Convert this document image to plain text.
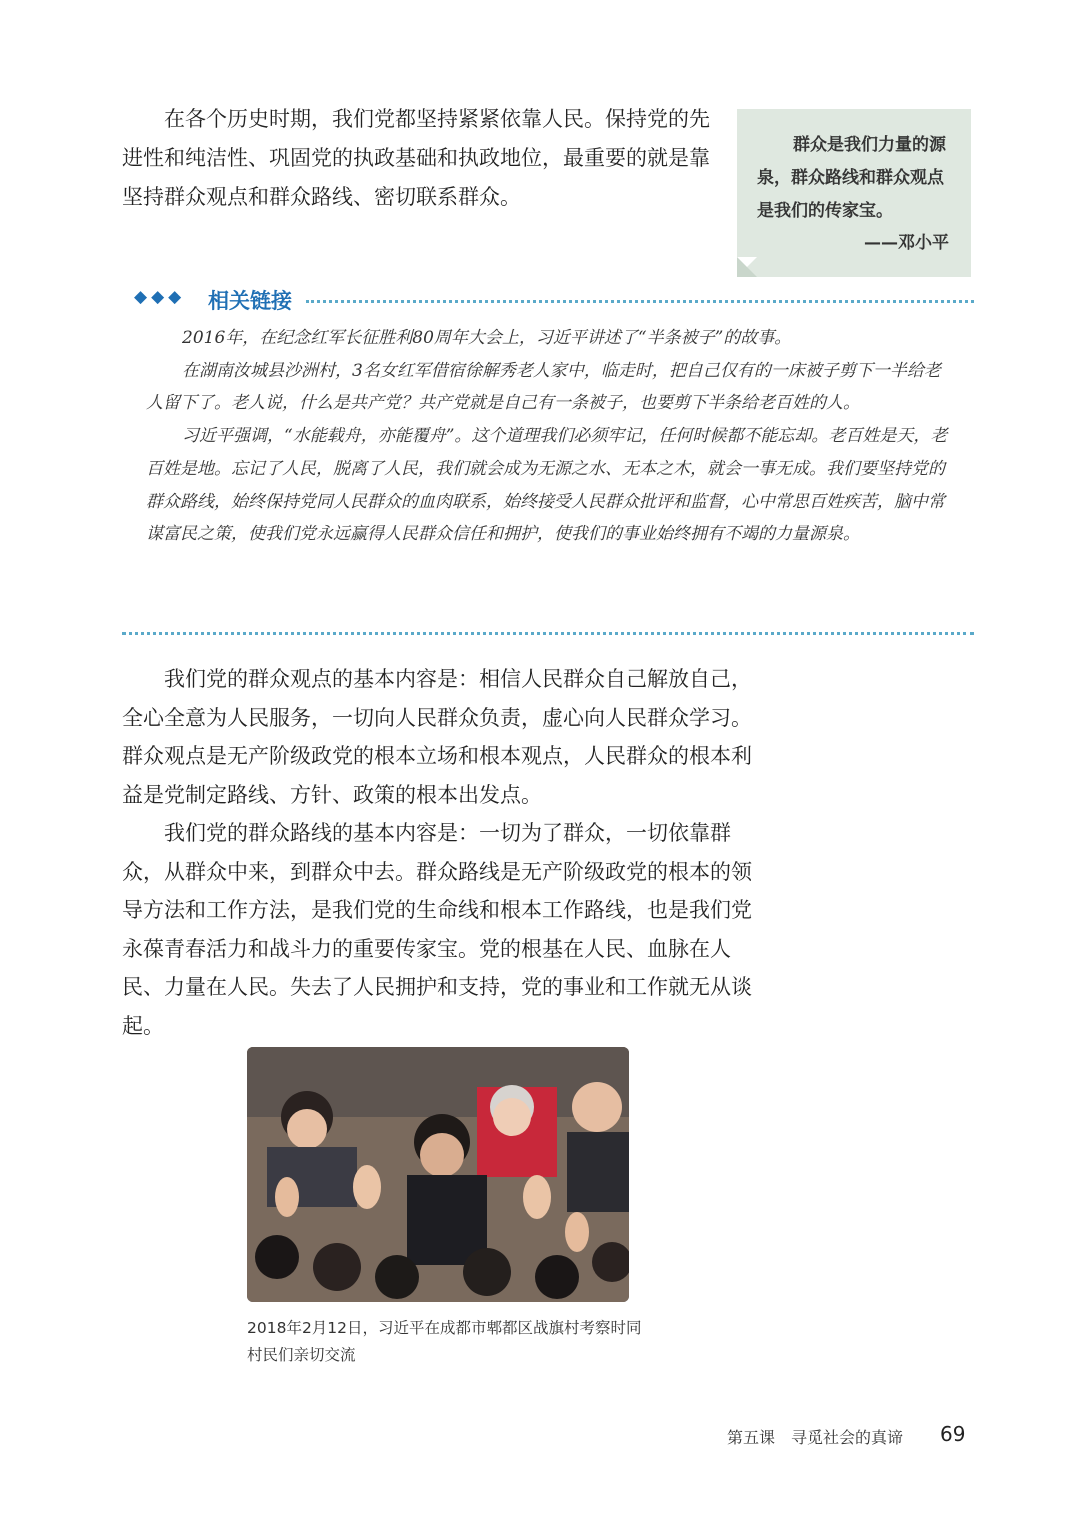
在各个历史时期，我们党都坚持紧紧依靠人民。保持党的先进性和纯洁性、巩固党的执政基础和执政地位，最重要的就是靠坚持群众观点和群众路线、密切联系群众。

群众是我们力量的源泉，群众路线和群众观点是我们的传家宝。

——邓小平
◆◆◆ 相关链接

2016年，在纪念红军长征胜利80周年大会上，习近平讲述了“半条被子”的故事。

在湖南汝城县沙洲村，3名女红军借宿徐解秀老人家中，临走时，把自己仅有的一床被子剪下一半给老人留下了。老人说，什么是共产党？共产党就是自己有一条被子，也要剪下半条给老百姓的人。

习近平强调，“水能载舟，亦能覆舟”。这个道理我们必须牢记，任何时候都不能忘却。老百姓是天，老百姓是地。忘记了人民，脱离了人民，我们就会成为无源之水、无本之木，就会一事无成。我们要坚持党的群众路线，始终保持党同人民群众的血肉联系，始终接受人民群众批评和监督，心中常思百姓疾苦，脑中常谋富民之策，使我们党永远赢得人民群众信任和拥护，使我们的事业始终拥有不竭的力量源泉。

我们党的群众观点的基本内容是：相信人民群众自己解放自己，全心全意为人民服务，一切向人民群众负责，虚心向人民群众学习。群众观点是无产阶级政党的根本立场和根本观点，人民群众的根本利益是党制定路线、方针、政策的根本出发点。

我们党的群众路线的基本内容是：一切为了群众，一切依靠群众，从群众中来，到群众中去。群众路线是无产阶级政党的根本的领导方法和工作方法，是我们党的生命线和根本工作路线，也是我们党永葆青春活力和战斗力的重要传家宝。党的根基在人民、血脉在人民、力量在人民。失去了人民拥护和支持，党的事业和工作就无从谈起。

2018年2月12日，习近平在成都市郫都区战旗村考察时同村民们亲切交流
第五课　寻觅社会的真谛 69
